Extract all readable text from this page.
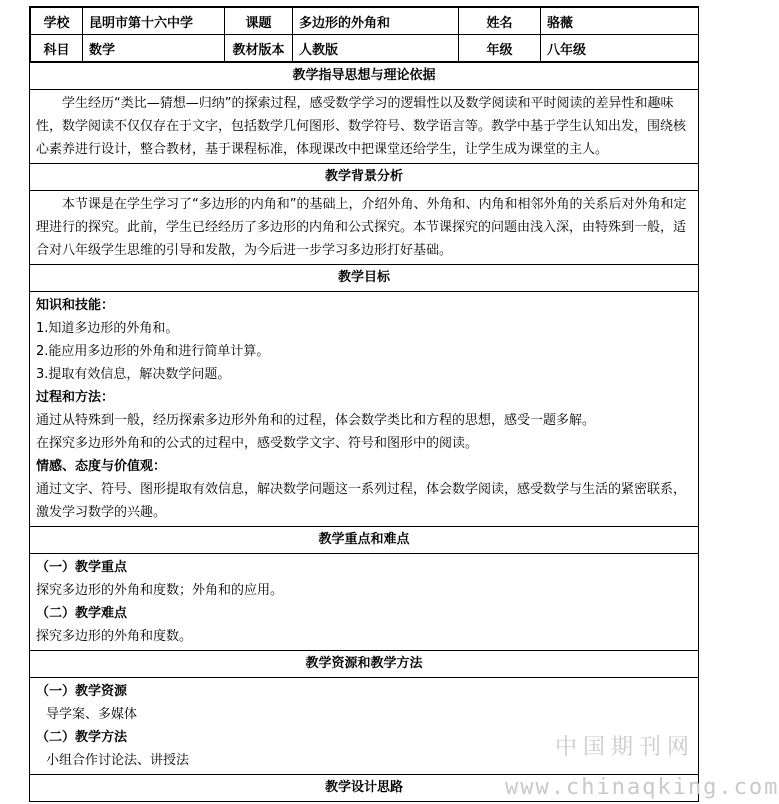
学校	昆明市第十六中学	课题	多边形的外角和	姓名	骆薇
科目	数学	教材版本	人教版	年级	八年级
教学指导思想与理论依据

学生经历“类比—猜想—归纳”的探索过程，感受数学学习的逻辑性以及数学阅读和平时阅读的差异性和趣味性，数学阅读不仅仅存在于文字，包括数学几何图形、数学符号、数学语言等。教学中基于学生认知出发，围绕核心素养进行设计，整合教材，基于课程标准，体现课改中把课堂还给学生，让学生成为课堂的主人。

教学背景分析

本节课是在学生学习了“多边形的内角和”的基础上，介绍外角、外角和、内角和相邻外角的关系后对外角和定理进行的探究。此前，学生已经经历了多边形的内角和公式探究。本节课探究的问题由浅入深，由特殊到一般，适合对八年级学生思维的引导和发散，为今后进一步学习多边形打好基础。

教学目标

知识和技能：

1.知道多边形的外角和。

2.能应用多边形的外角和进行简单计算。

3.提取有效信息，解决数学问题。

过程和方法：

通过从特殊到一般，经历探索多边形外角和的过程，体会数学类比和方程的思想，感受一题多解。

在探究多边形外角和的公式的过程中，感受数学文字、符号和图形中的阅读。

情感、态度与价值观：

通过文字、符号、图形提取有效信息，解决数学问题这一系列过程，体会数学阅读，感受数学与生活的紧密联系，激发学习数学的兴趣。

教学重点和难点

（一）教学重点

探究多边形的外角和度数；外角和的应用。

（二）教学难点

探究多边形的外角和度数。

教学资源和教学方法

（一）教学资源

导学案、多媒体

（二）教学方法

小组合作讨论法、讲授法

教学设计思路
中国期刊网
www.chinaqking.com
